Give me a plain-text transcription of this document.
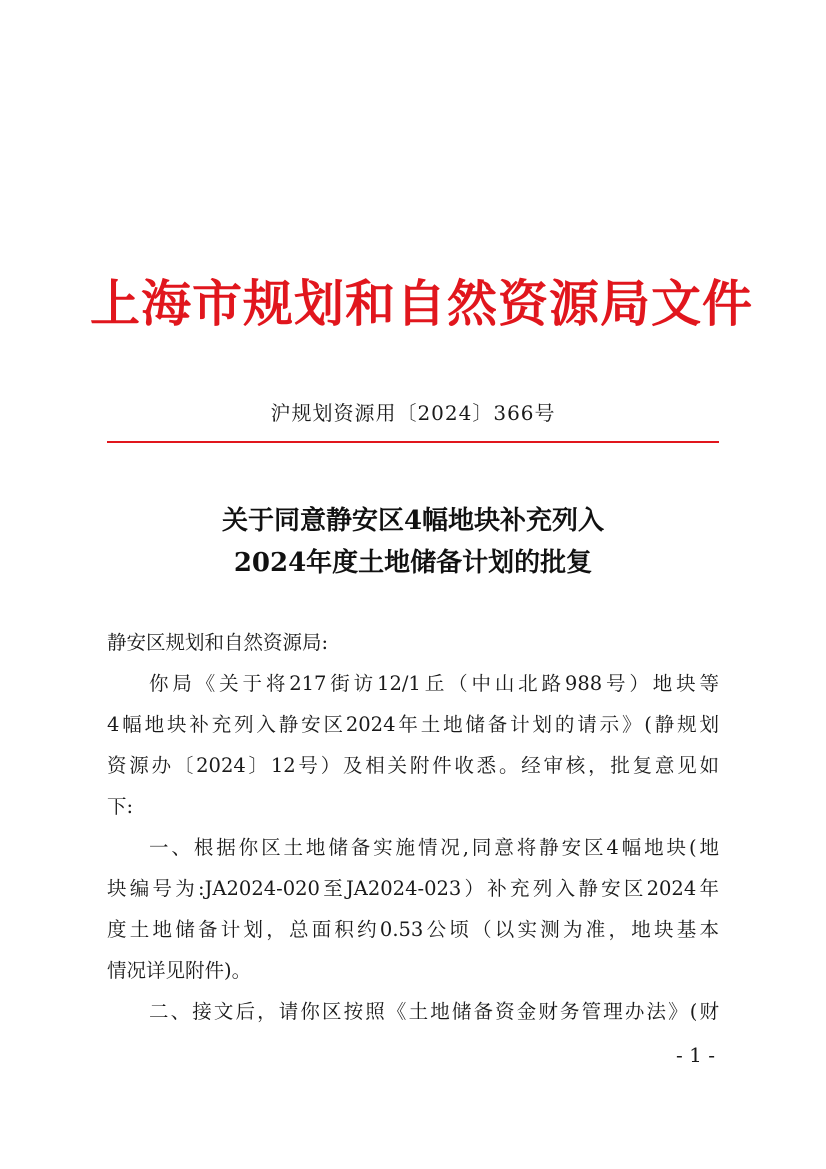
上海市规划和自然资源局文件
沪规划资源用〔2024〕366号
关于同意静安区4幅地块补充列入
2024年度土地储备计划的批复
静安区规划和自然资源局:
你局《关于将217街访12/1丘（中山北路988号）地块等
4幅地块补充列入静安区2024年土地储备计划的请示》(静规划
资源办〔2024〕12号）及相关附件收悉。经审核，批复意见如
下:
一、根据你区土地储备实施情况,同意将静安区4幅地块(地
块编号为:JA2024-020至JA2024-023）补充列入静安区2024年
度土地储备计划，总面积约0.53公顷（以实测为准，地块基本
情况详见附件)。
二、接文后，请你区按照《土地储备资金财务管理办法》(财
- 1 -
